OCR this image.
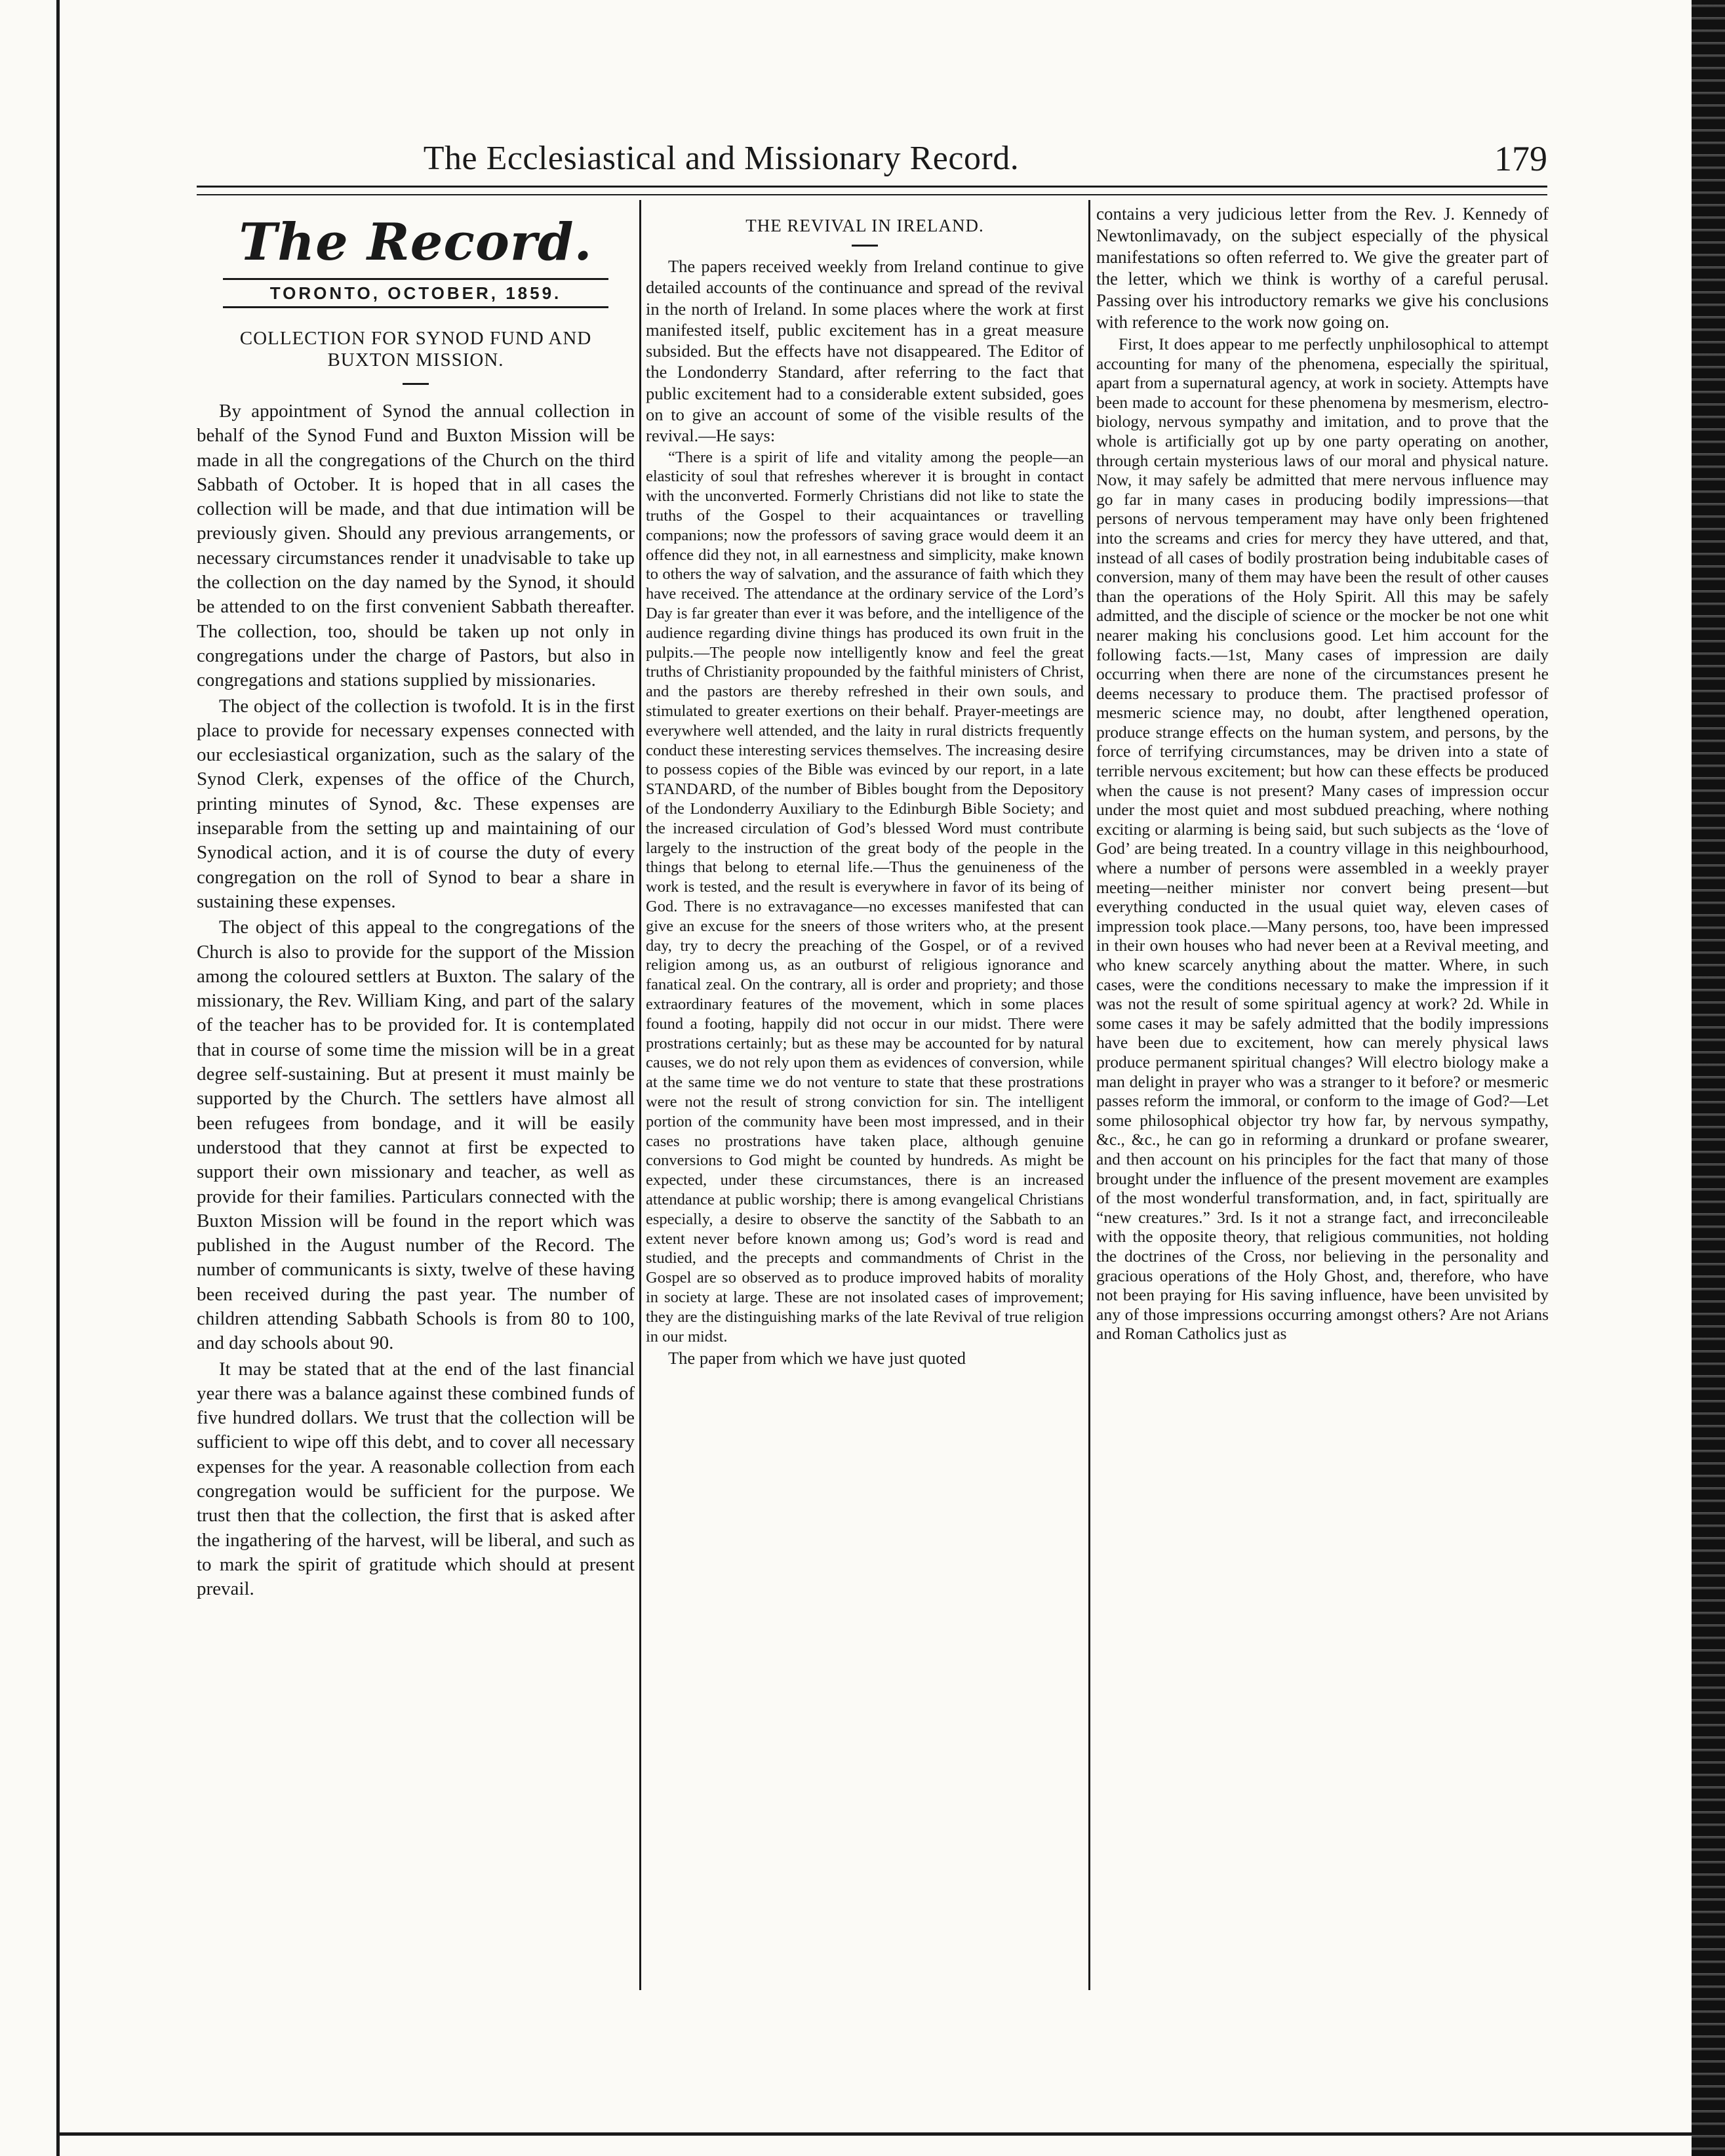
The Ecclesiastical and Missionary Record.	179
The Record.
TORONTO, OCTOBER, 1859.
COLLECTION FOR SYNOD FUND AND BUXTON MISSION.

By appointment of Synod the annual collection in behalf of the Synod Fund and Buxton Mission will be made in all the congregations of the Church on the third Sabbath of October. It is hoped that in all cases the collection will be made, and that due intimation will be previously given. Should any previous arrangements, or necessary circumstances render it unadvisable to take up the collection on the day named by the Synod, it should be attended to on the first convenient Sabbath thereafter. The collection, too, should be taken up not only in congregations under the charge of Pastors, but also in congregations and stations supplied by missionaries.

The object of the collection is twofold. It is in the first place to provide for necessary expenses connected with our ecclesiastical organization, such as the salary of the Synod Clerk, expenses of the office of the Church, printing minutes of Synod, &c. These expenses are inseparable from the setting up and maintaining of our Synodical action, and it is of course the duty of every congregation on the roll of Synod to bear a share in sustaining these expenses.

The object of this appeal to the congregations of the Church is also to provide for the support of the Mission among the coloured settlers at Buxton. The salary of the missionary, the Rev. William King, and part of the salary of the teacher has to be provided for. It is contemplated that in course of some time the mission will be in a great degree self-sustaining. But at present it must mainly be supported by the Church. The settlers have almost all been refugees from bondage, and it will be easily understood that they cannot at first be expected to support their own missionary and teacher, as well as provide for their families. Particulars connected with the Buxton Mission will be found in the report which was published in the August number of the Record. The number of communicants is sixty, twelve of these having been received during the past year. The number of children attending Sabbath Schools is from 80 to 100, and day schools about 90.

It may be stated that at the end of the last financial year there was a balance against these combined funds of five hundred dollars. We trust that the collection will be sufficient to wipe off this debt, and to cover all necessary expenses for the year. A reasonable collection from each congregation would be sufficient for the purpose. We trust then that the collection, the first that is asked after the ingathering of the harvest, will be liberal, and such as to mark the spirit of gratitude which should at present prevail.

THE REVIVAL IN IRELAND.

The papers received weekly from Ireland continue to give detailed accounts of the continuance and spread of the revival in the north of Ireland. In some places where the work at first manifested itself, public excitement has in a great measure subsided. But the effects have not disappeared. The Editor of the Londonderry Standard, after referring to the fact that public excitement had to a considerable extent subsided, goes on to give an account of some of the visible results of the revival.—He says:

“There is a spirit of life and vitality among the people—an elasticity of soul that refreshes wherever it is brought in contact with the unconverted. Formerly Christians did not like to state the truths of the Gospel to their acquaintances or travelling companions; now the professors of saving grace would deem it an offence did they not, in all earnestness and simplicity, make known to others the way of salvation, and the assurance of faith which they have received. The attendance at the ordinary service of the Lord’s Day is far greater than ever it was before, and the intelligence of the audience regarding divine things has produced its own fruit in the pulpits.—The people now intelligently know and feel the great truths of Christianity propounded by the faithful ministers of Christ, and the pastors are thereby refreshed in their own souls, and stimulated to greater exertions on their behalf. Prayer-meetings are everywhere well attended, and the laity in rural districts frequently conduct these interesting services themselves. The increasing desire to possess copies of the Bible was evinced by our report, in a late STANDARD, of the number of Bibles bought from the Depository of the Londonderry Auxiliary to the Edinburgh Bible Society; and the increased circulation of God’s blessed Word must contribute largely to the instruction of the great body of the people in the things that belong to eternal life.—Thus the genuineness of the work is tested, and the result is everywhere in favor of its being of God. There is no extravagance—no excesses manifested that can give an excuse for the sneers of those writers who, at the present day, try to decry the preaching of the Gospel, or of a revived religion among us, as an outburst of religious ignorance and fanatical zeal. On the contrary, all is order and propriety; and those extraordinary features of the movement, which in some places found a footing, happily did not occur in our midst. There were prostrations certainly; but as these may be accounted for by natural causes, we do not rely upon them as evidences of conversion, while at the same time we do not venture to state that these prostrations were not the result of strong conviction for sin. The intelligent portion of the community have been most impressed, and in their cases no prostrations have taken place, although genuine conversions to God might be counted by hundreds. As might be expected, under these circumstances, there is an increased attendance at public worship; there is among evangelical Christians especially, a desire to observe the sanctity of the Sabbath to an extent never before known among us; God’s word is read and studied, and the precepts and commandments of Christ in the Gospel are so observed as to produce improved habits of morality in society at large. These are not insolated cases of improvement; they are the distinguishing marks of the late Revival of true religion in our midst.

The paper from which we have just quoted

contains a very judicious letter from the Rev. J. Kennedy of Newtonlimavady, on the subject especially of the physical manifestations so often referred to. We give the greater part of the letter, which we think is worthy of a careful perusal. Passing over his introductory remarks we give his conclusions with reference to the work now going on.

First, It does appear to me perfectly unphilosophical to attempt accounting for many of the phenomena, especially the spiritual, apart from a supernatural agency, at work in society. Attempts have been made to account for these phenomena by mesmerism, electro-biology, nervous sympathy and imitation, and to prove that the whole is artificially got up by one party operating on another, through certain mysterious laws of our moral and physical nature. Now, it may safely be admitted that mere nervous influence may go far in many cases in producing bodily impressions—that persons of nervous temperament may have only been frightened into the screams and cries for mercy they have uttered, and that, instead of all cases of bodily prostration being indubitable cases of conversion, many of them may have been the result of other causes than the operations of the Holy Spirit. All this may be safely admitted, and the disciple of science or the mocker be not one whit nearer making his conclusions good. Let him account for the following facts.—1st, Many cases of impression are daily occurring when there are none of the circumstances present he deems necessary to produce them. The practised professor of mesmeric science may, no doubt, after lengthened operation, produce strange effects on the human system, and persons, by the force of terrifying circumstances, may be driven into a state of terrible nervous excitement; but how can these effects be produced when the cause is not present? Many cases of impression occur under the most quiet and most subdued preaching, where nothing exciting or alarming is being said, but such subjects as the ‘love of God’ are being treated. In a country village in this neighbourhood, where a number of persons were assembled in a weekly prayer meeting—neither minister nor convert being present—but everything conducted in the usual quiet way, eleven cases of impression took place.—Many persons, too, have been impressed in their own houses who had never been at a Revival meeting, and who knew scarcely anything about the matter. Where, in such cases, were the conditions necessary to make the impression if it was not the result of some spiritual agency at work? 2d. While in some cases it may be safely admitted that the bodily impressions have been due to excitement, how can merely physical laws produce permanent spiritual changes? Will electro biology make a man delight in prayer who was a stranger to it before? or mesmeric passes reform the immoral, or conform to the image of God?—Let some philosophical objector try how far, by nervous sympathy, &c., &c., he can go in reforming a drunkard or profane swearer, and then account on his principles for the fact that many of those brought under the influence of the present movement are examples of the most wonderful transformation, and, in fact, spiritually are “new creatures.” 3rd. Is it not a strange fact, and irreconcileable with the opposite theory, that religious communities, not holding the doctrines of the Cross, nor believing in the personality and gracious operations of the Holy Ghost, and, therefore, who have not been praying for His saving influence, have been unvisited by any of those impressions occurring amongst others? Are not Arians and Roman Catholics just as
